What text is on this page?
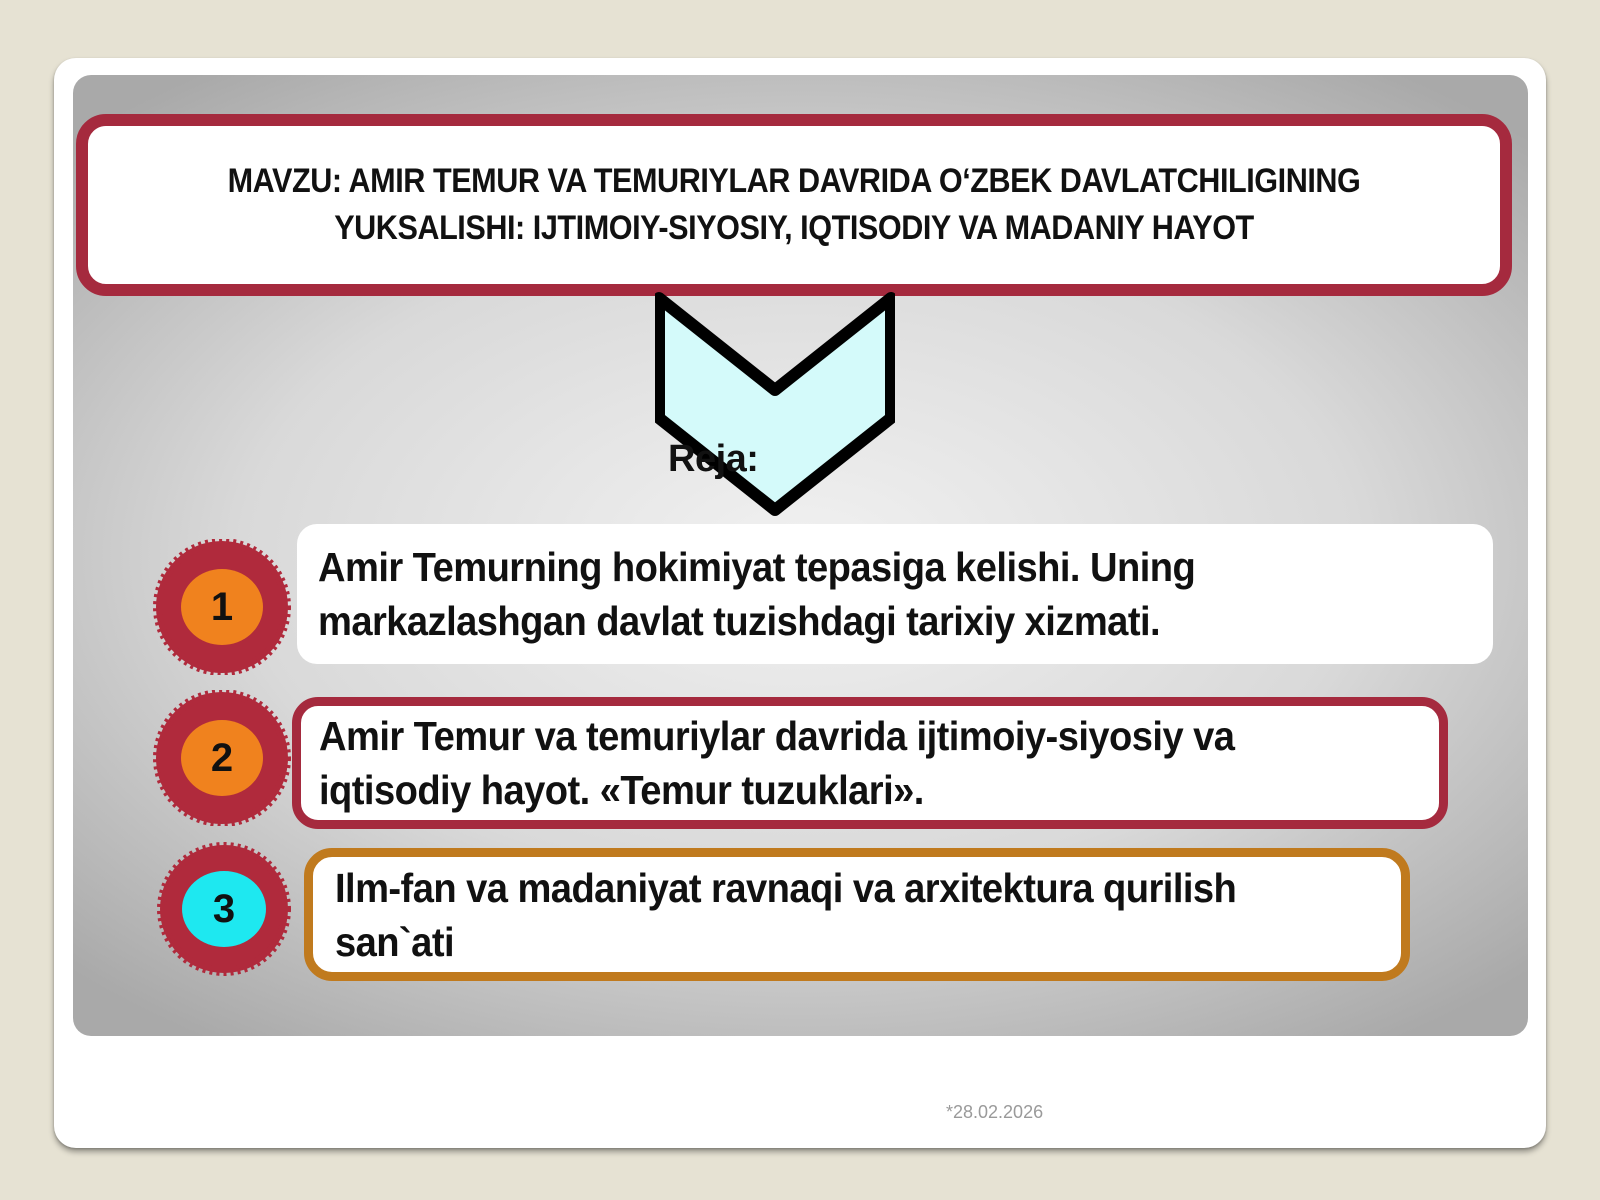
MAVZU: AMIR TEMUR VA TEMURIYLAR DAVRIDA O‘ZBEK DAVLATCHILIGINING YUKSALISHI: IJTIMOIY-SIYOSIY, IQTISODIY VA MADANIY HAYOT
Reja:
1
Amir Temurning hokimiyat tepasiga kelishi. Uning markazlashgan davlat tuzishdagi tarixiy xizmati.
2	Amir Temur va temuriylar davrida ijtimoiy-siyosiy va iqtisodiy hayot. «Temur tuzuklari».
3	Ilm-fan va madaniyat ravnaqi va arxitektura qurilish san`ati
*28.02.2026
